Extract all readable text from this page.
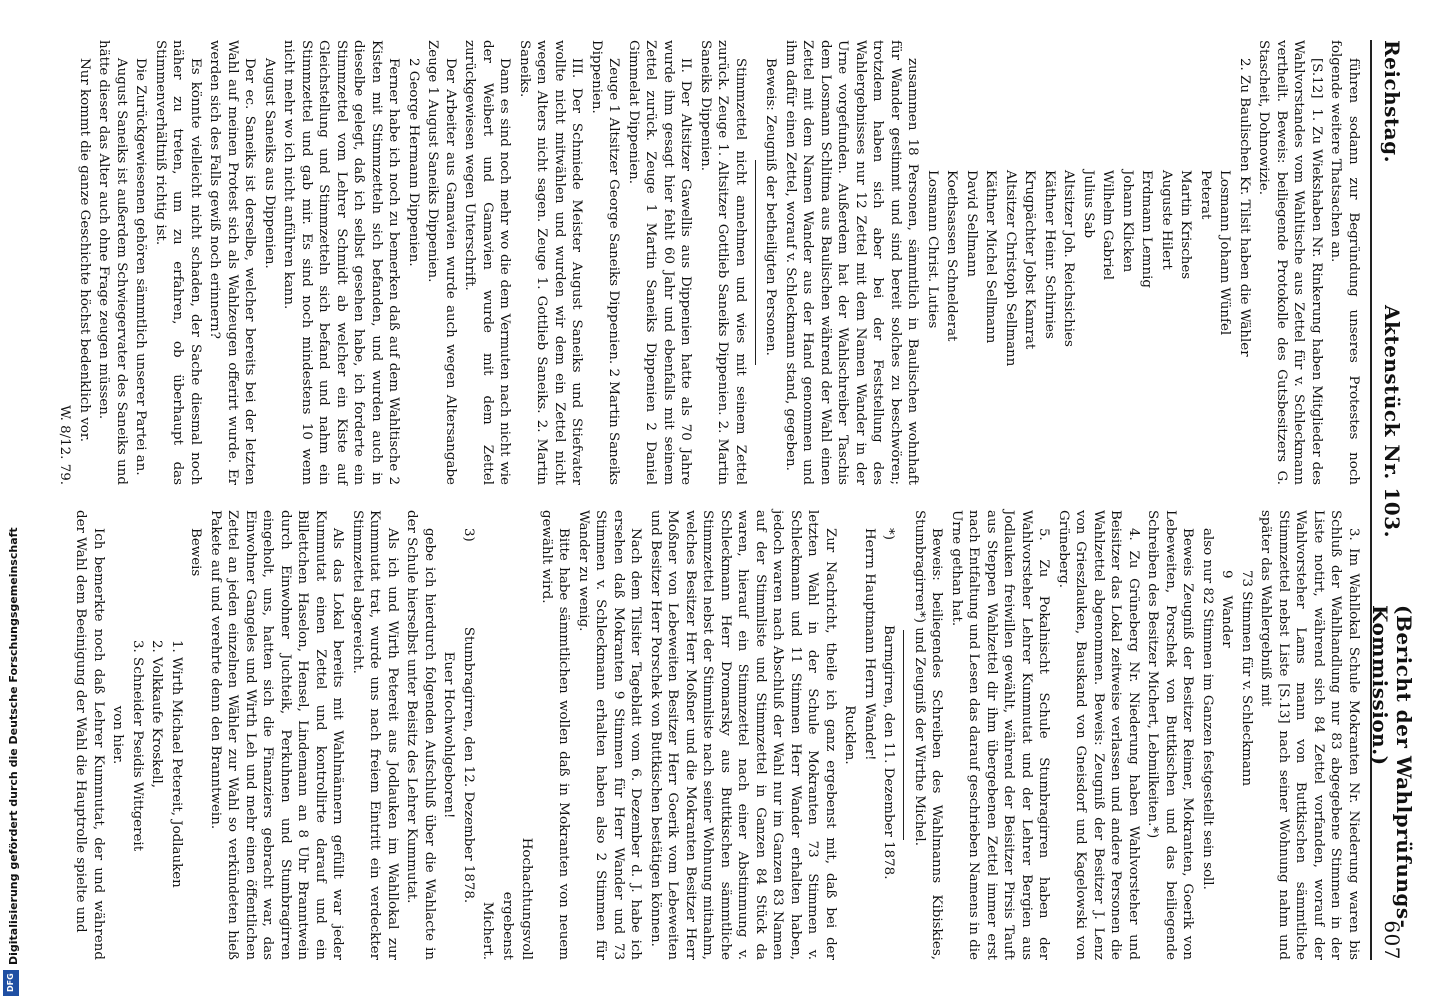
Reichstag.
Aktenstück Nr. 103.
(Bericht der Wahlprüfungs-Kommission.)
607

führen sodann zur Begründung unseres Protestes noch folgende weitere Thatsachen an.

[S.12]  1. Zu Wiekshaben Nr. Rinkerung haben Mitglieder des Wahlvorstandes vom Wahltische aus Zettel für v. Schleckmann vertheilt. Beweis: beiliegende Protokolle des Gutsbesitzers G. Stascheit, Dohnowizie.

2. Zu Baulischen Kr. Tilsit haben die Wähler

Losmann Johann Wünfel

Peterat

Martin Krisches

Auguste Hilert

Erdmann Lemnig

Johann Klicken

Wilhelm Gabriel

Julius Sab

Altsitzer Joh. Reichsichies

Käthner Heinr. Schirnies

Krugpächter Jobst Kamrat

Altsitzer Christoph Sellmann

Käthner Michel Sellmann

David Sellmann

Koethsassen Schnelderat

Losmann Christ. Luties

zusammen 18 Personen, sämmtlich in Baulischen wohnhaft für Wander gestimmt und sind bereit solches zu beschwören; trotzdem haben sich aber bei der Feststellung des Wahlergebnisses nur 12 Zettel mit dem Namen Wander in der Urne vorgefunden. Außerdem hat der Wahlschreiber Taschis dem Losmann Schlitma aus Baulischen während der Wahl einen Zettel mit dem Namen Wander aus der Hand genommen und ihm dafür einen Zettel, worauf v. Schleckmann stand, gegeben.

Beweis: Zeugniß der betheiligten Personen.

Stimmzettel nicht annehmen und wies mit seinem Zettel zurück. Zeuge 1. Altsitzer Gottlieb Saneiks Dippenien. 2. Martin Saneiks Dippenien.

II. Der Altsitzer Gawellis aus Dippenien hatte als 70 Jahre wurde ihm gesagt hier fehlt 60 Jahr und ebenfalls mit seinem Zettel zurück. Zeuge 1 Martin Saneiks Dippenien 2 Daniel Gimmelat Dippenien.

Zeuge 1 Altsitzer George Saneiks Dippenien. 2 Martin Saneiks Dippenien.

III. Der Schmiede Meister August Saneiks und Stiefvater wollte nicht mitwählen und wurden wir dem ein Zettel nicht wegen Alters nicht sagen. Zeuge 1. Gottlieb Saneiks. 2. Martin Saneiks.

Dann es sind noch mehr wo die dem Vermuten nach nicht wie der Weibert und Gamavien wurde mit dem Zettel zurückgewiesen wegen Unterschrift.

Der Arbeiter aus Gamavien wurde auch wegen Altersangabe Zeuge 1 August Saneiks Dippenien.

2 George Hermann Dippenien.

Ferner habe ich noch zu bemerken daß auf dem Wahltische 2 Kisten mit Stimmzetteln sich befanden, und wurden auch in dieselbe gelegt, daß ich selbst gesehen habe, ich forderte ein Stimmzettel vom Lehrer Schmidt ab welcher ein Kiste auf Gleichstellung und Stimmzetteln sich befand und nahm ein Stimmzettel und gab mir. Es sind noch mindestens 10 wenn nicht mehr wo ich nicht anführen kann.

August Saneiks aus Dippenien.

Der ec. Saneiks ist derselbe, welcher bereits bei der letzten Wahl auf meinen Protest sich als Wahlzeugen offerirt wurde. Er werden sich des Falls gewiß noch erinnern?

Es könnte vielleicht nicht schaden, der Sache diesmal noch näher zu treten, um zu erfahren, ob überhaupt das Stimmenverhältniß richtig ist.

Die Zurückgewiesenen gehören sämmtlich unserer Partei an.

August Saneiks ist außerdem Schwiegervater des Saneiks und hätte dieser das Alter auch ohne Frage zeugen müssen.

Nur kommt die ganze Geschichte höchst bedenklich vor.

W. 8/12. 79.

3. Im Wahllokal Schule Mokranten Nr. Niederung waren bis Schluß der Wahlhandlung nur 83 abgegebene Stimmen in der Liste notirt, während sich 84 Zettel vorfanden, worauf der Wahlvorsteher Lams mann von Buttkischen sämmtliche Stimmzettel nebst Liste [S.13] nach seiner Wohnung nahm und später das Wahlergebniß mit

73 Stimmen für v. Schleckmann

9    Wander

also nur 82 Stimmen im Ganzen festgestellt sein soll.

Beweis Zeugniß der Besitzer Reimer, Mokranten, Goerik von Lebeweiten, Porschek von Buttkischen und das beiliegende Schreiben des Besitzer Michert, Lebmilkeiten.*)

4. Zu Grüneberg Nr. Niederung haben Wahlvorsteher und Beisitzer das Lokal zeitweise verlassen und andere Personen die Wahlzettel abgenommen. Beweis: Zeugniß der Besitzer J. Lenz von Grieszlauken, Bauskand von Gneisdorf und Kagelowski von Grüneberg.

5. Zu Pokalnischt Schule Stumbragirren haben der Wahlvorsteher Lehrer Kummutat und der Lehrer Bergien aus Jodlauken freiwillen gewählt, während der Beisitzer Pirsis Tauft aus Steppen Wahlzettel dir ihm übergebenen Zettel immer erst nach Entfaltung und Lesen das darauf geschrieben Namens in die Urne gethan hat.

Beweis: beiliegendes Schreiben des Wahlmanns Kibiskies, Stumbragirren*) und Zeugniß der Wirthe Michel.

*)                    Barmgirren, den 11. Dezember 1878.

Herrn Hauptmann Herrn Wander!

Rucklen.

Zur Nachricht, theile ich ganz ergebenst mit, daß bei der letzten Wahl in der Schule Mokranten 73 Stimmen v. Schleckmann und 11 Stimmen Herr Wander erhalten haben, jedoch waren nach Abschluß der Wahl nur im Ganzen 83 Namen auf der Stimmliste und Stimmzettel in Ganzen 84 Stück da waren, hierauf ein Stimmzettel nach einer Abstimmung v. Schleckmann Herr Dromarsky aus Buttkischen sämmtliche Stimmzettel nebst der Stimmliste nach seiner Wohnung mitnahm, welches Besitzer Herr Moßner und die Mokranten Besitzer Herr Moßner von Lebeweiten Besitzer Herr Goerik vom Lebeweiten und Besitzer Herr Porschek von Buttkischen bestätigen können.

Nach dem Tilsiter Tageblatt vom 6. Dezember d. J. habe ich ersehen daß Mokranten 9 Stimmen für Herr Wander und 73 Stimmen v. Schleckmann erhalten haben also 2 Stimmen für Wander zu wenig.

Bitte habe sämmtlichen wollen daß in Mokranten von neuem gewählt wird.

Hochachtungsvoll

ergebenst

Michert.

3)                    Stumbragirren, den 12. Dezember 1878.

Euer Hochwohlgeboren!

gebe ich hierdurch folgenden Aufschluß über die Wahlacte in der Schule hierselbst unter Beisitz des Lehrer Kummutat.

Als ich und Wirth Petereit aus Jodlauken im Wahllokal zur Kummutat trat, wurde uns nach freiem Eintritt ein verdeckter Stimmzettel abgereicht.

Als das Lokal bereits mit Wahlmännern gefüllt war jeder Kummutat einen Zettel und kontrollirte darauf und ein Billettchen Haselon, Hensel, Lindemann an 8 Uhr Branntwein durch Einwohner Juchteik, Perkuhnen und Stumbragirren eingeholt, uns, hatten sich die Finanziers gebracht war, das Einwohner Gangeles und Wirth Leh und mehr einen öffentlichen Zettel an jeden einzelnen Wähler zur Wahl so verkündeten hieß Pakete auf und verehrte denn den Branntwein.

Beweis

1. Wirth Michael Petereit, Jodlauken

2. Volkkaufe Kroskell,

3. Schneider Pseidis Wittgereit

von hier.

Ich bemerkte noch daß Lehrer Kummutat, der und während der Wahl dem Beeinigung der Wahl die Hauptrolle spielte und

Digitalisierung gefördert durch die Deutsche Forschungsgemeinschaft
DFG
